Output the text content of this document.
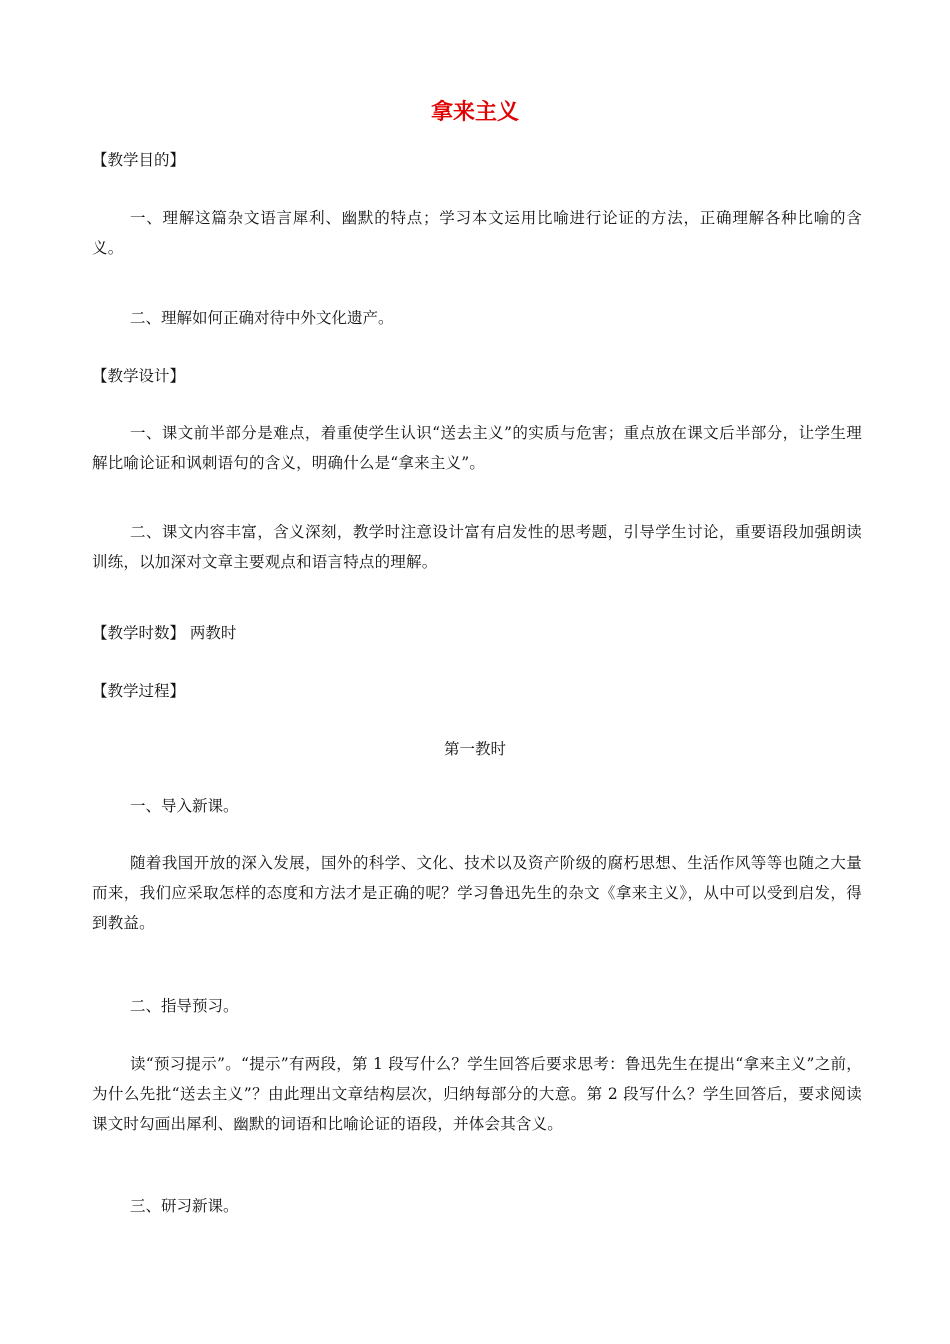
拿来主义
【教学目的】
一、理解这篇杂文语言犀利、幽默的特点；学习本文运用比喻进行论证的方法，正确理解各种比喻的含义。
二、理解如何正确对待中外文化遗产。
【教学设计】
一、课文前半部分是难点，着重使学生认识“送去主义”的实质与危害；重点放在课文后半部分，让学生理解比喻论证和讽刺语句的含义，明确什么是“拿来主义”。
二、课文内容丰富，含义深刻，教学时注意设计富有启发性的思考题，引导学生讨论，重要语段加强朗读训练，以加深对文章主要观点和语言特点的理解。
【教学时数】 两教时
【教学过程】
第一教时
一、导入新课。
随着我国开放的深入发展，国外的科学、文化、技术以及资产阶级的腐朽思想、生活作风等等也随之大量而来，我们应采取怎样的态度和方法才是正确的呢？学习鲁迅先生的杂文《拿来主义》，从中可以受到启发，得到教益。
二、指导预习。
读“预习提示”。“提示”有两段，第 1 段写什么？学生回答后要求思考：鲁迅先生在提出“拿来主义”之前，为什么先批“送去主义”？由此理出文章结构层次，归纳每部分的大意。第 2 段写什么？学生回答后，要求阅读课文时勾画出犀利、幽默的词语和比喻论证的语段，并体会其含义。
三、研习新课。
